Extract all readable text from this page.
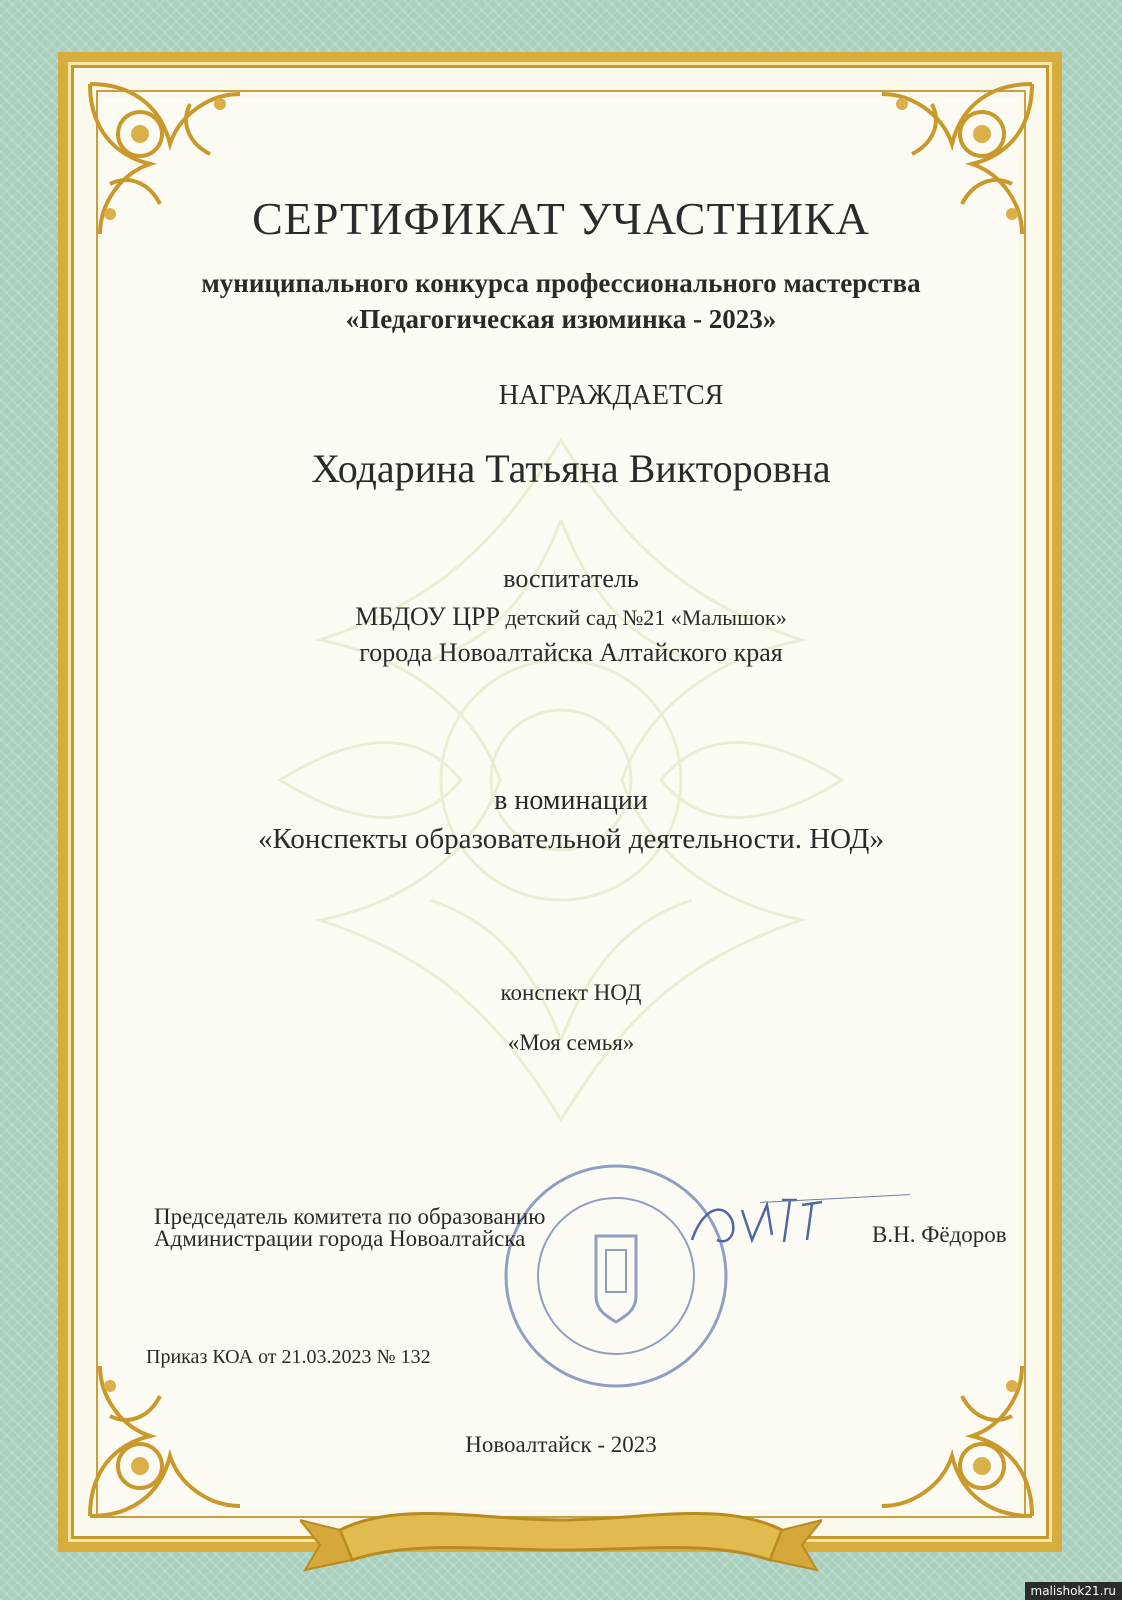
СЕРТИФИКАТ УЧАСТНИКА
муниципального конкурса профессионального мастерства
«Педагогическая изюминка - 2023»
НАГРАЖДАЕТСЯ
Ходарина Татьяна Викторовна
воспитатель
МБДОУ ЦРР детский сад №21 «Малышок»
города Новоалтайска Алтайского края
в номинации
«Конспекты образовательной деятельности. НОД»
конспект НОД
«Моя семья»
Председатель комитета по образованию
Администрации города Новоалтайска	В.Н. Фёдоров
Приказ КОА от 21.03.2023 № 132
Новоалтайск - 2023
malishok21.ru
